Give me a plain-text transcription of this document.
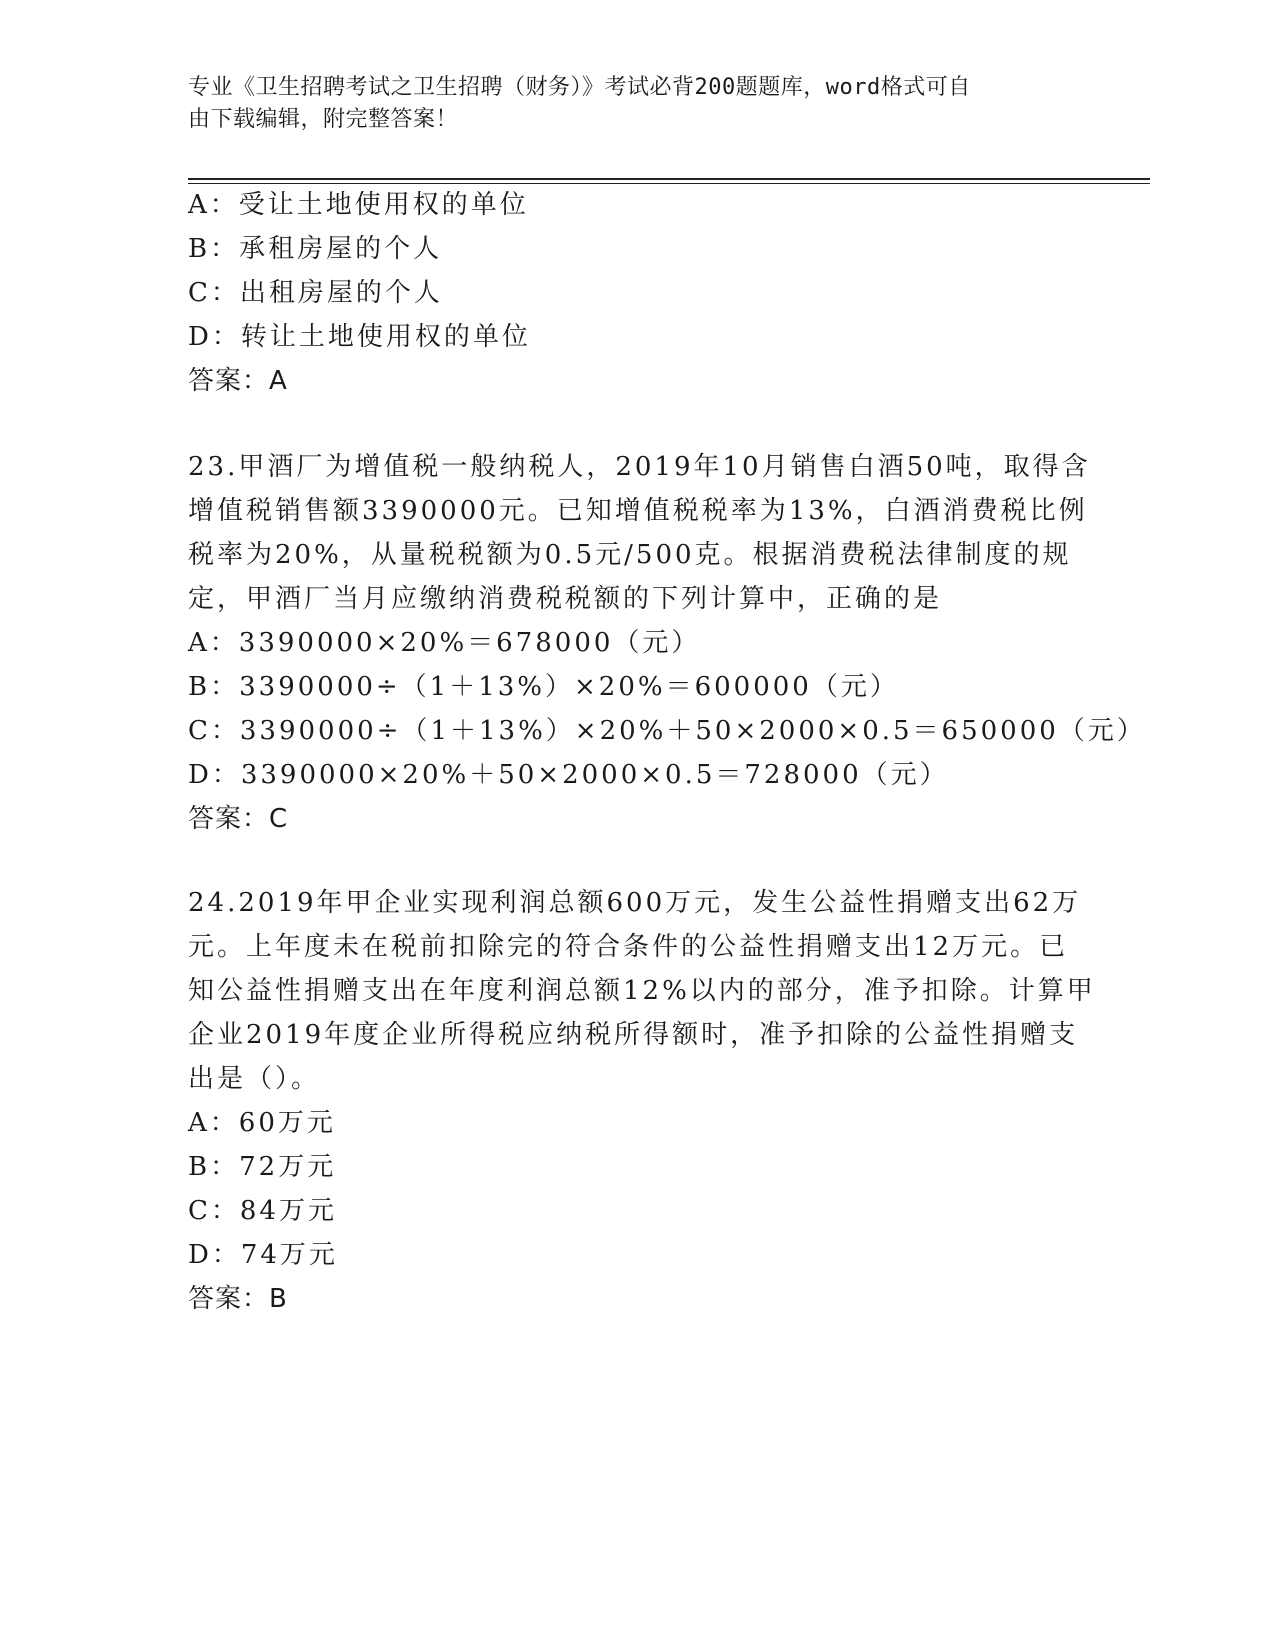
专业《卫生招聘考试之卫生招聘（财务）》考试必背200题题库，word格式可自
由下载编辑，附完整答案！
A：受让土地使用权的单位
B：承租房屋的个人
C：出租房屋的个人
D：转让土地使用权的单位
答案：A
23.甲酒厂为增值税一般纳税人，2019年10月销售白酒50吨，取得含
增值税销售额3390000元。已知增值税税率为13%，白酒消费税比例
税率为20%，从量税税额为0.5元/500克。根据消费税法律制度的规
定，甲酒厂当月应缴纳消费税税额的下列计算中，正确的是
A：3390000×20%＝678000（元）
B：3390000÷（1＋13%）×20%＝600000（元）
C：3390000÷（1＋13%）×20%＋50×2000×0.5＝650000（元）
D：3390000×20%＋50×2000×0.5＝728000（元）
答案：C
24.2019年甲企业实现利润总额600万元，发生公益性捐赠支出62万
元。上年度未在税前扣除完的符合条件的公益性捐赠支出12万元。已
知公益性捐赠支出在年度利润总额12%以内的部分，准予扣除。计算甲
企业2019年度企业所得税应纳税所得额时，准予扣除的公益性捐赠支
出是（）。
A：60万元
B：72万元
C：84万元
D：74万元
答案：B
